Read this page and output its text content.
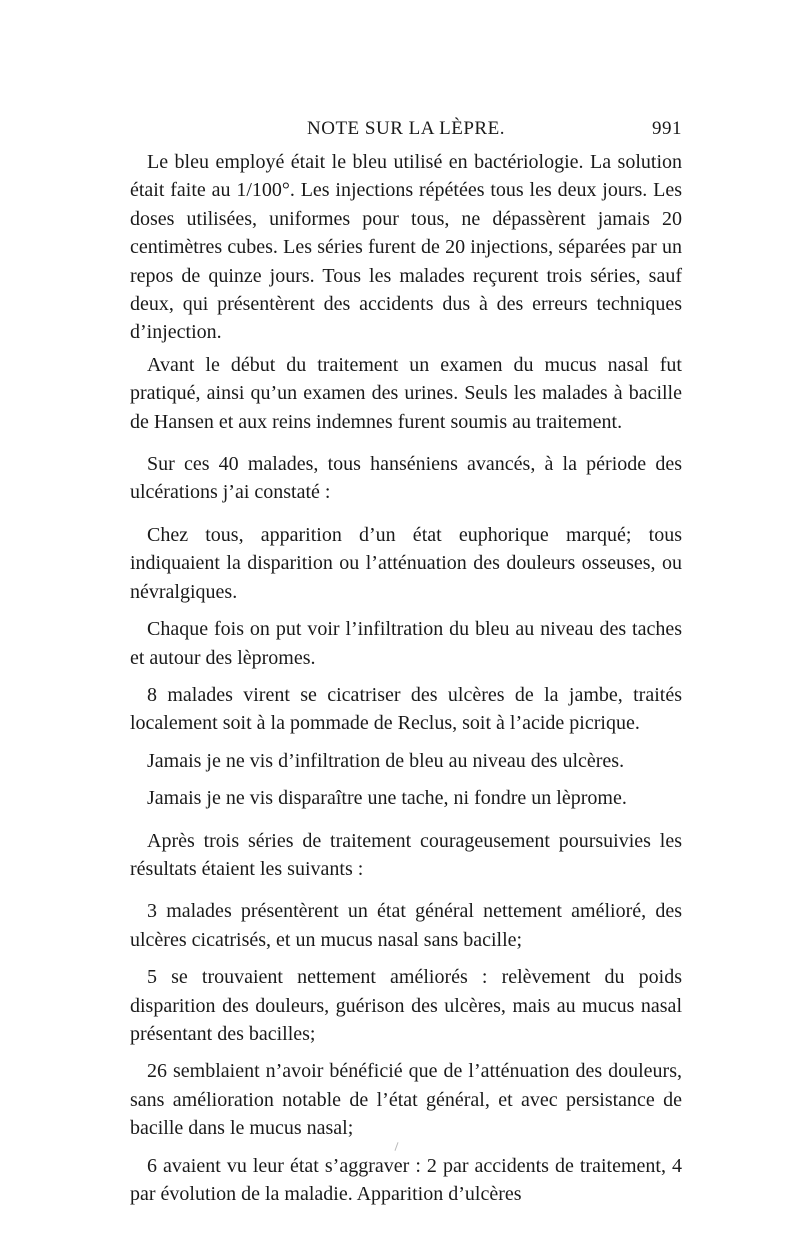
NOTE SUR LA LÈPRE.	991

Le bleu employé était le bleu utilisé en bactériologie. La solution était faite au 1/100°. Les injections répétées tous les deux jours. Les doses utilisées, uniformes pour tous, ne dépassèrent jamais 20 centimètres cubes. Les séries furent de 20 injections, séparées par un repos de quinze jours. Tous les malades reçurent trois séries, sauf deux, qui présentèrent des accidents dus à des erreurs techniques d’injection.

Avant le début du traitement un examen du mucus nasal fut pratiqué, ainsi qu’un examen des urines. Seuls les malades à bacille de Hansen et aux reins indemnes furent soumis au traitement.

Sur ces 40 malades, tous hanséniens avancés, à la période des ulcérations j’ai constaté :

Chez tous, apparition d’un état euphorique marqué; tous indiquaient la disparition ou l’atténuation des douleurs osseuses, ou névralgiques.

Chaque fois on put voir l’infiltration du bleu au niveau des taches et autour des lèpromes.

8 malades virent se cicatriser des ulcères de la jambe, traités localement soit à la pommade de Reclus, soit à l’acide picrique.

Jamais je ne vis d’infiltration de bleu au niveau des ulcères.

Jamais je ne vis disparaître une tache, ni fondre un lèprome.

Après trois séries de traitement courageusement poursuivies les résultats étaient les suivants :

3 malades présentèrent un état général nettement amélioré, des ulcères cicatrisés, et un mucus nasal sans bacille;

5 se trouvaient nettement améliorés : relèvement du poids disparition des douleurs, guérison des ulcères, mais au mucus nasal présentant des bacilles;

26 semblaient n’avoir bénéficié que de l’atténuation des douleurs, sans amélioration notable de l’état général, et avec persistance de bacille dans le mucus nasal;

6 avaient vu leur état s’aggraver : 2 par accidents de traitement, 4 par évolution de la maladie. Apparition d’ulcères
